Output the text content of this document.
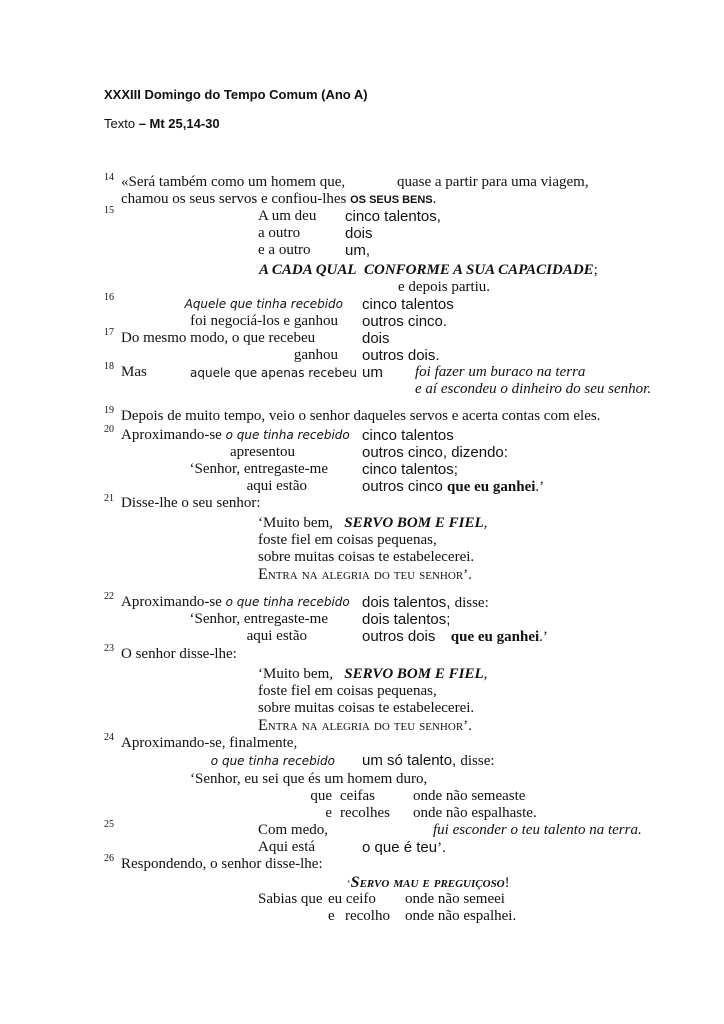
XXXIII Domingo do Tempo Comum (Ano A)
Texto – Mt 25,14-30
14 «Será também como um homem que,	quase a partir para uma viagem,
chamou os seus servos e confiou-lhes OS SEUS BENS.
15	A um deu cinco talentos,
a outro	dois
e a outro um,
A CADA QUAL CONFORME A SUA CAPACIDADE;
e depois partiu.
16	Aquele que tinha recebido cinco talentos
foi negociá-los e ganhou outros cinco.
17 Do mesmo modo, o que recebeu	dois
ganhou outros dois.
18 Mas	aquele que apenas recebeu um foi fazer um buraco na terra
e aí escondeu o dinheiro do seu senhor.
19 Depois de muito tempo, veio o senhor daqueles servos e acerta contas com eles.
20 Aproximando-se o que tinha recebido cinco talentos
apresentou	outros cinco, dizendo:
‘Senhor, entregaste-me cinco talentos;
aqui estão	outros cinco que eu ganhei.’
21 Disse-lhe o seu senhor:
‘Muito bem,   SERVO BOM E FIEL,
foste fiel em coisas pequenas,
sobre muitas coisas te estabelecerei.
Entra na alegria do teu senhor’.
22 Aproximando-se o que tinha recebido dois talentos, disse:
‘Senhor, entregaste-me dois talentos;
aqui estão	outros dois    que eu ganhei.’
23 O senhor disse-lhe:
‘Muito bem,   SERVO BOM E FIEL,
foste fiel em coisas pequenas,
sobre muitas coisas te estabelecerei.
Entra na alegria do teu senhor’.
24 Aproximando-se, finalmente,
o que tinha recebido um só talento, disse:
‘Senhor, eu sei que és um homem duro,
que ceifas	onde não semeaste
e recolhes onde não espalhaste.
25	Com medo,	fui esconder o teu talento na terra.
Aqui está	o que é teu’.
26 Respondendo, o senhor disse-lhe:
‘Servo mau e preguiçoso!
Sabias que eu ceifo onde não semeei
e recolho onde não espalhei.
